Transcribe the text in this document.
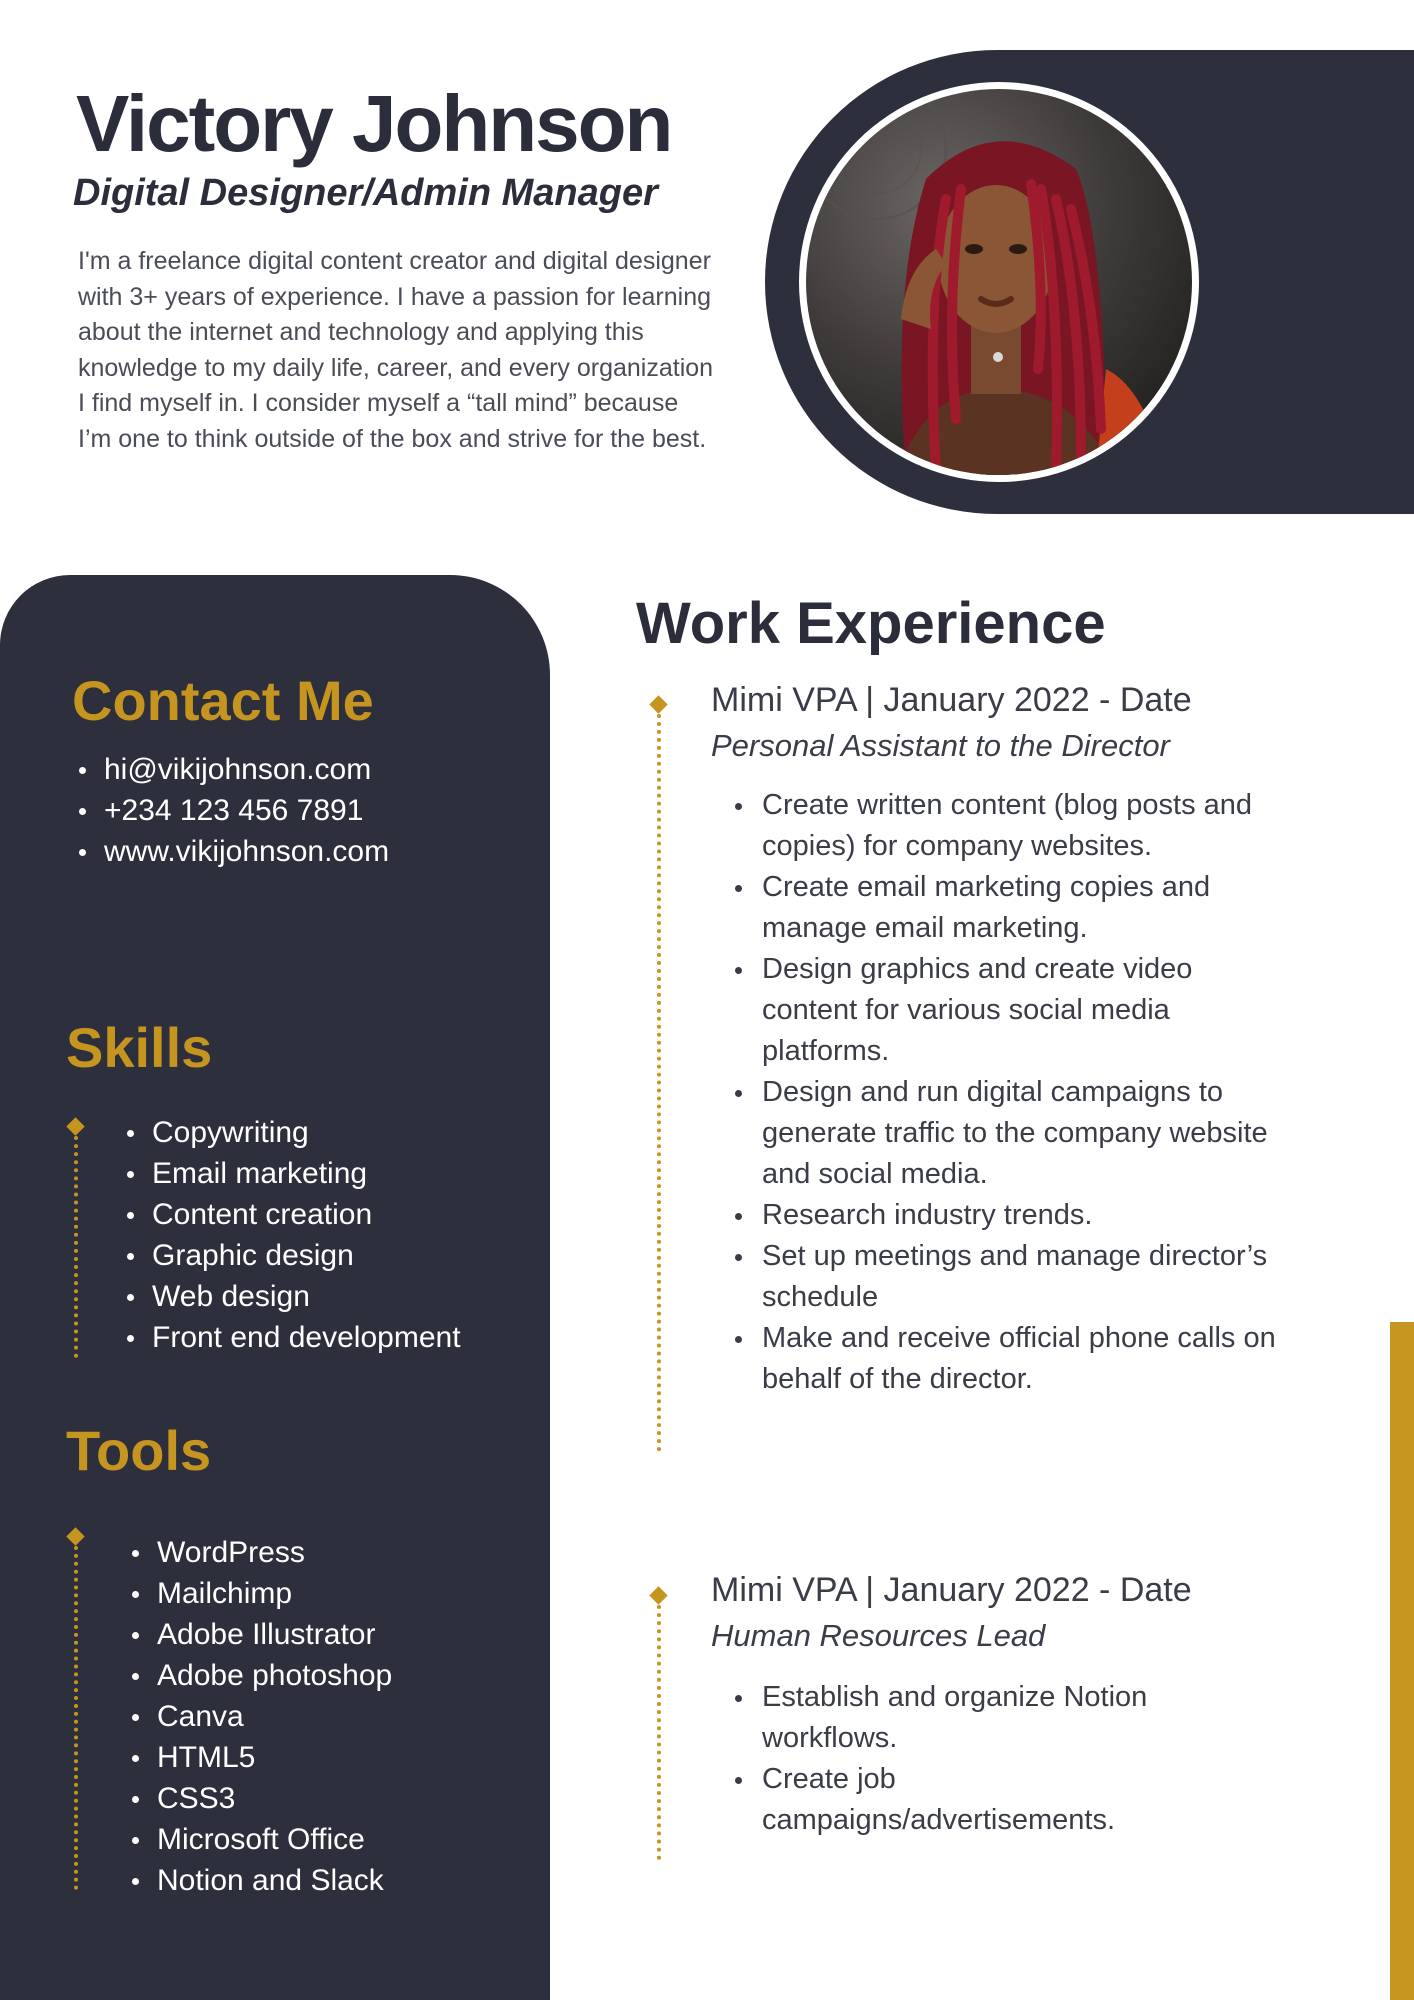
Victory Johnson
Digital Designer/Admin Manager

I'm a freelance digital content creator and digital designer with 3+ years of experience. I have a passion for learning about the internet and technology and applying this knowledge to my daily life, career, and every organization I find myself in. I consider myself a “tall mind” because I’m one to think outside of the box and strive for the best.

Contact Me
hi@vikijohnson.com
+234 123 456 7891
www.vikijohnson.com
Skills
Copywriting
Email marketing
Content creation
Graphic design
Web design
Front end development
Tools
WordPress
Mailchimp
Adobe Illustrator
Adobe photoshop
Canva
HTML5
CSS3
Microsoft Office
Notion and Slack
Work Experience

Mimi VPA | January 2022 - Date

Personal Assistant to the Director

Create written content (blog posts and copies) for company websites.
Create email marketing copies and manage email marketing.
Design graphics and create video content for various social media platforms.
Design and run digital campaigns to generate traffic to the company website and social media.
Research industry trends.
Set up meetings and manage director’s schedule
Make and receive official phone calls on behalf of the director.

Mimi VPA | January 2022 - Date

Human Resources Lead

Establish and organize Notion workflows.
Create job campaigns/advertisements.
